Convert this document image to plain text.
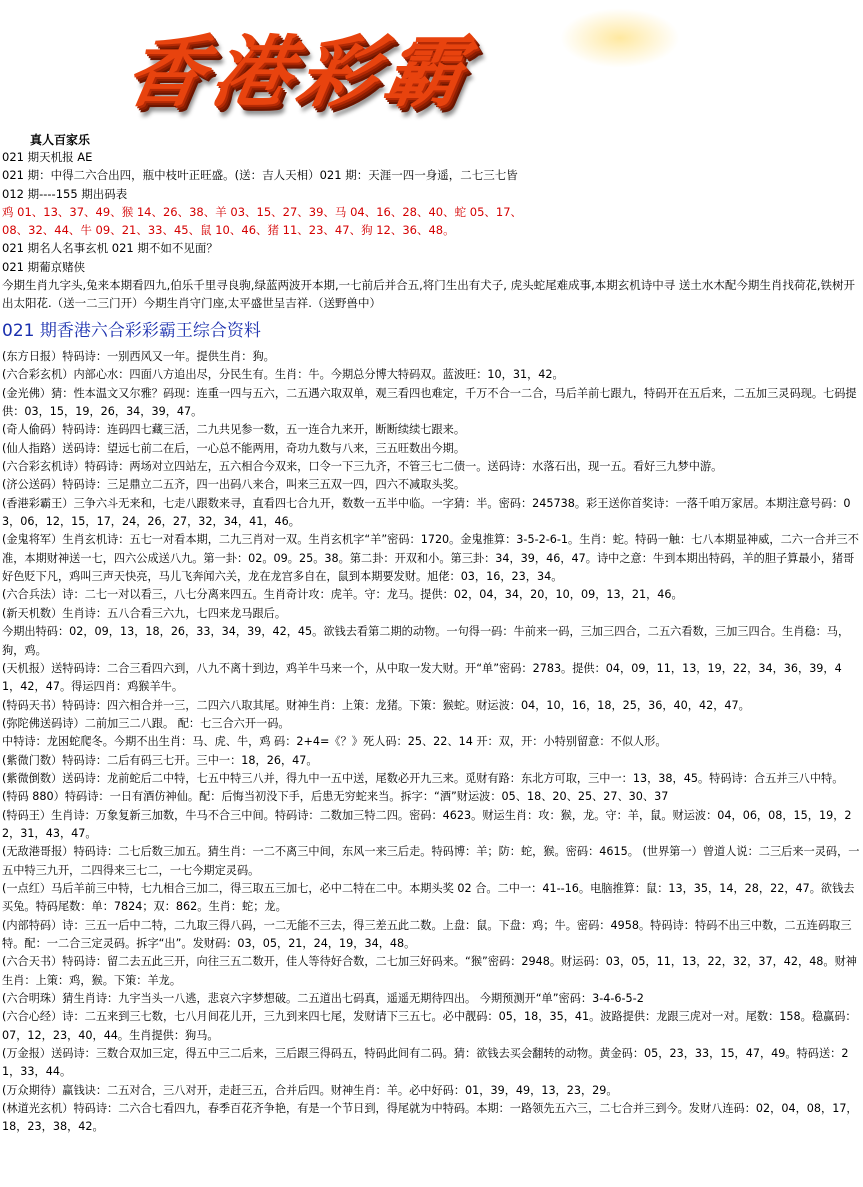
香港彩霸
真人百家乐

021 期天机报 AE

021 期：中得二六合出四，瓶中枝叶正旺盛。(送：吉人天相）021 期：天涯一四一身遥，二七三七皆

012 期----155 期出码表

鸡 01、13、37、49、猴 14、26、38、羊 03、15、27、39、马 04、16、28、40、蛇 05、17、

08、32、44、牛 09、21、33、45、鼠 10、46、猪 11、23、47、狗 12、36、48。

021 期名人名事玄机 021 期不如不见面？

021 期葡京赌侠

今期生肖九字头,兔来本期看四九,伯乐千里寻良驹,绿蓝两波开本期,一七前后并合五,将门生出有犬子, 虎头蛇尾难成事,本期玄机诗中寻 送土水木配今期生肖找荷花,铁树开出太阳花.（送一二三门开）今期生肖守门座,太平盛世呈吉祥.（送野兽中）

021 期香港六合彩彩霸王综合资料

(东方日报）特码诗：一别西风又一年。提供生肖：狗。

(六合彩玄机）内部心水：四面八方追出尽，分民生有。生肖：牛。今期总分博大特码双。蓝波旺：10，31，42。

(金光佛）猜：性本温文又尔雅？码现：连重一四与五六，二五遇六取双单，观三看四也难定，千万不合一二合，马后羊前七跟九，特码开在五后来，二五加三灵码现。七码提供：03，15，19，26，34，39，47。

(奇人偷码）特码诗：连码四七藏三活，二九共见参一数，五一连合九来开，断断续续七跟来。

(仙人指路）送码诗：望远七前二在后，一心总不能两用，奇功九数与八来，三五旺数出今期。

(六合彩玄机诗）特码诗：两场对立四站左，五六相合今双来，口令一下三九齐，不管三七二债一。送码诗：水落石出，现一五。看好三九梦中游。

(济公送码）特码诗：三足鼎立二五齐，四一出码八来合，叫来三五双一四，四六不减取头奖。

(香港彩霸王）三争六斗无来和，七走八跟数来寻，直看四七合九开，数数一五半中临。一字猜：半。密码：245738。彩王送你首奖诗：一落千咱万家居。本期注意号码：03，06，12，15，17，24，26，27，32，34，41，46。

(金鬼将军）生肖玄机诗：五七一对看本期，二九三肖对一双。生肖玄机字“羊”密码：1720。金鬼推算：3-5-2-6-1。生肖：蛇。特码一触：七八本期显神威，二六一合并三不准，本期财神送一七，四六公成送八九。第一卦：02。09。25。38。第二卦：开双和小。第三卦：34，39，46，47。诗中之意：牛到本期出特码，羊的胆子算最小，猪哥好色贬下凡，鸡叫三声天快亮，马儿飞奔闻六关，龙在龙宫多自在，鼠到本期要发财。旭佬：03，16，23，34。

(六合兵法）诗：二七一对以看三，八七分离来四五。生肖奇计攻：虎羊。守：龙马。提供：02，04，34，20，10，09，13，21，46。

(新天机数）生肖诗：五八合看三六九，七四来龙马跟后。

今期出特码：02，09，13，18，26，33，34，39，42，45。欲钱去看第二期的动物。一句得一码：牛前来一码，三加三四合，二五六看数，三加三四合。生肖稳：马，狗，鸡。

(天机报）送特码诗：二合三看四六到，八九不离十到边，鸡羊牛马来一个，从中取一发大财。开“单”密码：2783。提供：04，09，11，13，19，22，34，36，39，41，42，47。得运四肖：鸡猴羊牛。

(特码天书）特码诗：四六相合并一三，二四六八取其尾。财神生肖：上策：龙猪。下策：猴蛇。财运波：04，10，16，18，25，36，40，42，47。

(弥陀佛送码诗）二前加三二八跟。 配：七三合六开一码。

中特诗：龙困蛇爬冬。今期不出生肖：马、虎、牛，鸡 码：2+4=《？》死人码：25、22、14 开：双，开：小特别留意：不似人形。

(紫微门数）特码诗：二后有码三七开。三中一：18，26，47。

(紫微倒数）送码诗：龙前蛇后二中特，七五中特三八并，得九中一五中送，尾数必开九三来。觅财有路：东北方可取，三中一：13，38，45。特码诗：合五并三八中特。

(特码 880）特码诗：一日有酒仿神仙。配：后悔当初没下手，后患无穷蛇来当。拆字：“酒”财运波：05、18、20、25、27、30、37

(特码王）生肖诗：万象复新三加数，牛马不合三中间。特码诗：二数加三特二四。密码：4623。财运生肖：攻：猴，龙。守：羊，鼠。财运波：04，06，08，15，19，22，31，43，47。

(无敌港哥报）特码诗：二七后数三加五。猜生肖：一二不离三中间，东风一来三后走。特码博：羊；防：蛇，猴。密码：4615。 (世界第一）曾道人说：二三后来一灵码，一五中特三九开，二四得来三七二，一七今期定灵码。

(一点红）马后羊前三中特，七九相合三加二，得三取五三加七，必中二特在二中。本期头奖 02 合。二中一：41--16。电脑推算：鼠：13，35，14，28，22，47。欲钱去买兔。特码尾数：单：7824；双：862。生肖：蛇；龙。

(内部特码）诗：三五一后中二特，二九取三得八码，一二无能不三去，得三差五此二数。上盘：鼠。下盘：鸡；牛。密码：4958。特码诗：特码不出三中数，二五连码取三特。配：一二合三定灵码。拆字“出”。发财码：03，05，21，24，19，34，48。

(六合天书）特码诗：留二去五此三开，向往三五二数开，佳人等待好合数，二七加三好码来。“猴”密码：2948。财运码：03，05，11，13，22，32，37，42，48。财神生肖：上策：鸡，猴。下策：羊龙。

(六合明珠）猜生肖诗：九宇当头一八逃，悲哀六字梦想破。二五道出七码真，遥遥无期待四出。 今期预测开“单”密码：3-4-6-5-2

(六合心经）诗：二五来到三七数，七八月间花儿开，三九到来四七尾，发财请下三五七。必中靓码：05，18，35，41。波路提供：龙跟三虎对一对。尾数：158。稳赢码：07，12，23，40，44。生肖提供：狗马。

(万金报）送码诗：三数合双加三定，得五中三二后来，三后跟三得码五，特码此间有二码。猜：欲钱去买会翻转的动物。黄金码：05，23，33，15，47，49。特码送：21，33，44。

(万众期待）赢钱诀：二五对合，三八对开，走赶三五，合并后四。财神生肖：羊。必中好码：01，39，49，13，23，29。

(林道光玄机）特码诗：二六合七看四九，春季百花齐争艳，有是一个节日到，得尾就为中特码。本期：一路领先五六三，二七合并三到今。发财八连码：02，04，08，17，18，23，38，42。
